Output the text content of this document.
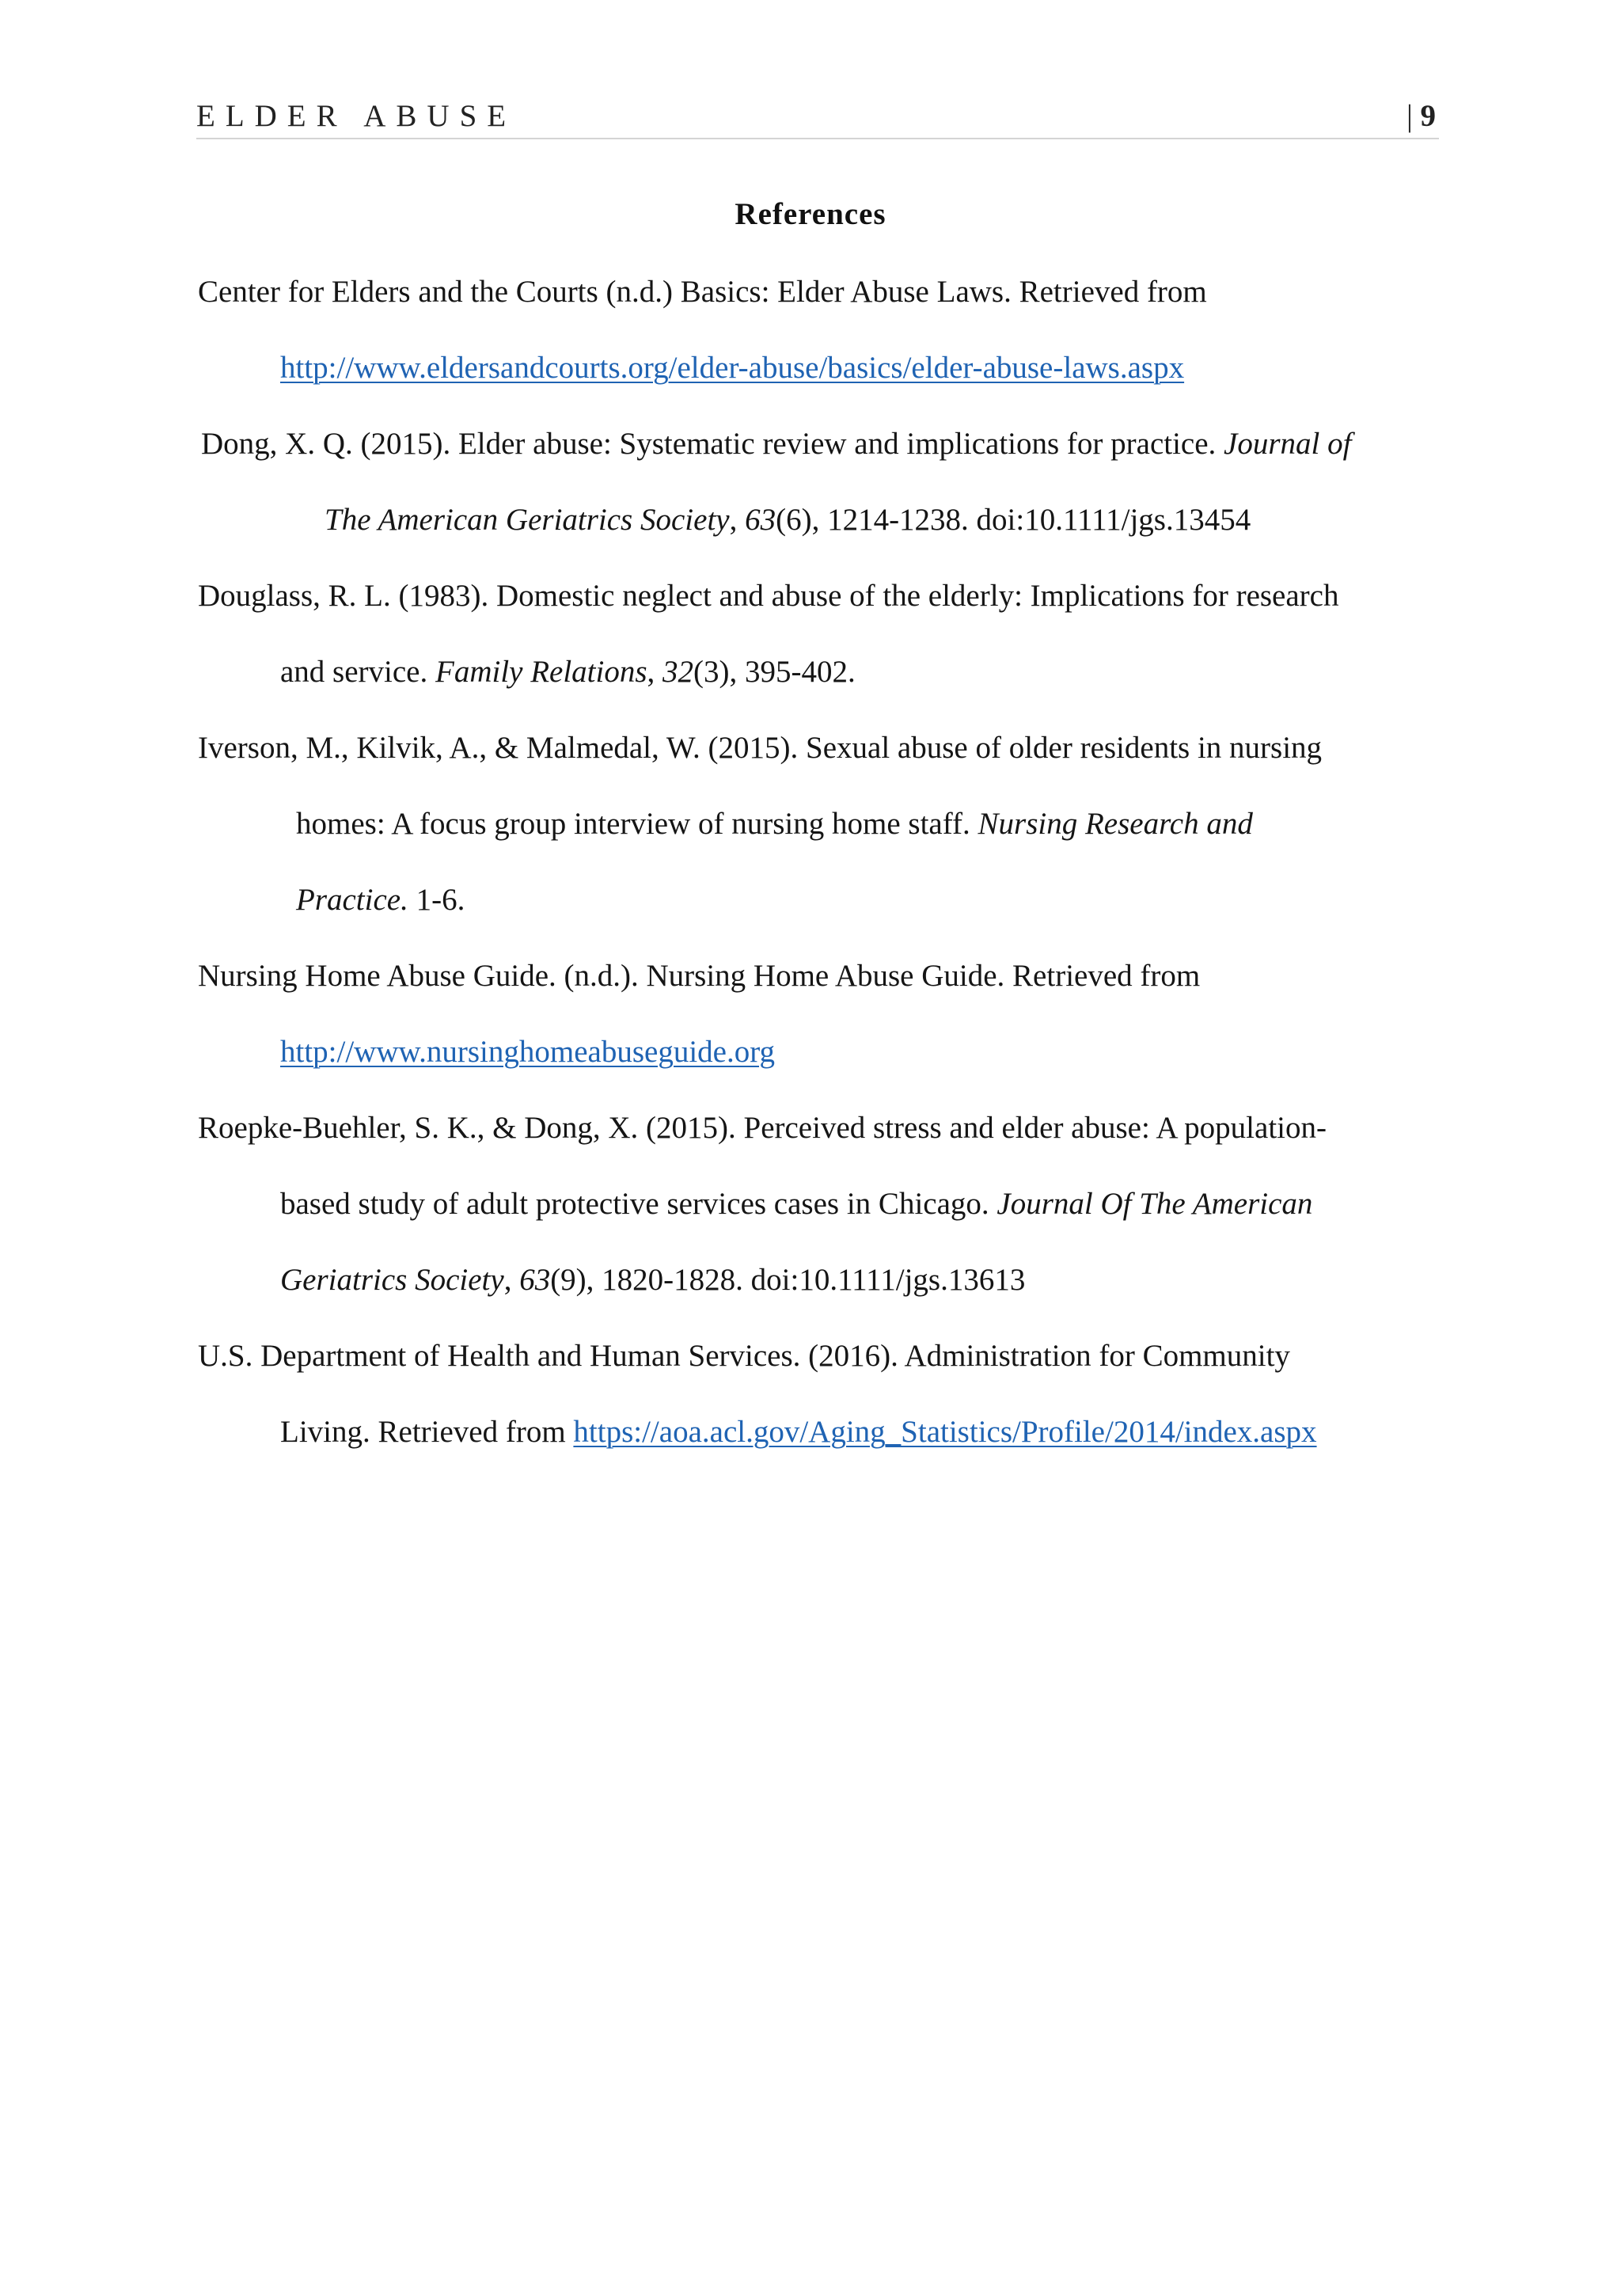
ELDER ABUSE	| 9
References
Center for Elders and the Courts (n.d.) Basics: Elder Abuse Laws. Retrieved from
http://www.eldersandcourts.org/elder-abuse/basics/elder-abuse-laws.aspx
Dong, X. Q. (2015). Elder abuse: Systematic review and implications for practice. Journal of
The American Geriatrics Society, 63(6), 1214-1238. doi:10.1111/jgs.13454
Douglass, R. L. (1983). Domestic neglect and abuse of the elderly: Implications for research
and service. Family Relations, 32(3), 395-402.
Iverson, M., Kilvik, A., & Malmedal, W. (2015). Sexual abuse of older residents in nursing
homes: A focus group interview of nursing home staff. Nursing Research and
Practice. 1-6.
Nursing Home Abuse Guide. (n.d.). Nursing Home Abuse Guide. Retrieved from
http://www.nursinghomeabuseguide.org
Roepke-Buehler, S. K., & Dong, X. (2015). Perceived stress and elder abuse: A population-
based study of adult protective services cases in Chicago. Journal Of The American
Geriatrics Society, 63(9), 1820-1828. doi:10.1111/jgs.13613
U.S. Department of Health and Human Services. (2016). Administration for Community
Living. Retrieved from https://aoa.acl.gov/Aging_Statistics/Profile/2014/index.aspx
